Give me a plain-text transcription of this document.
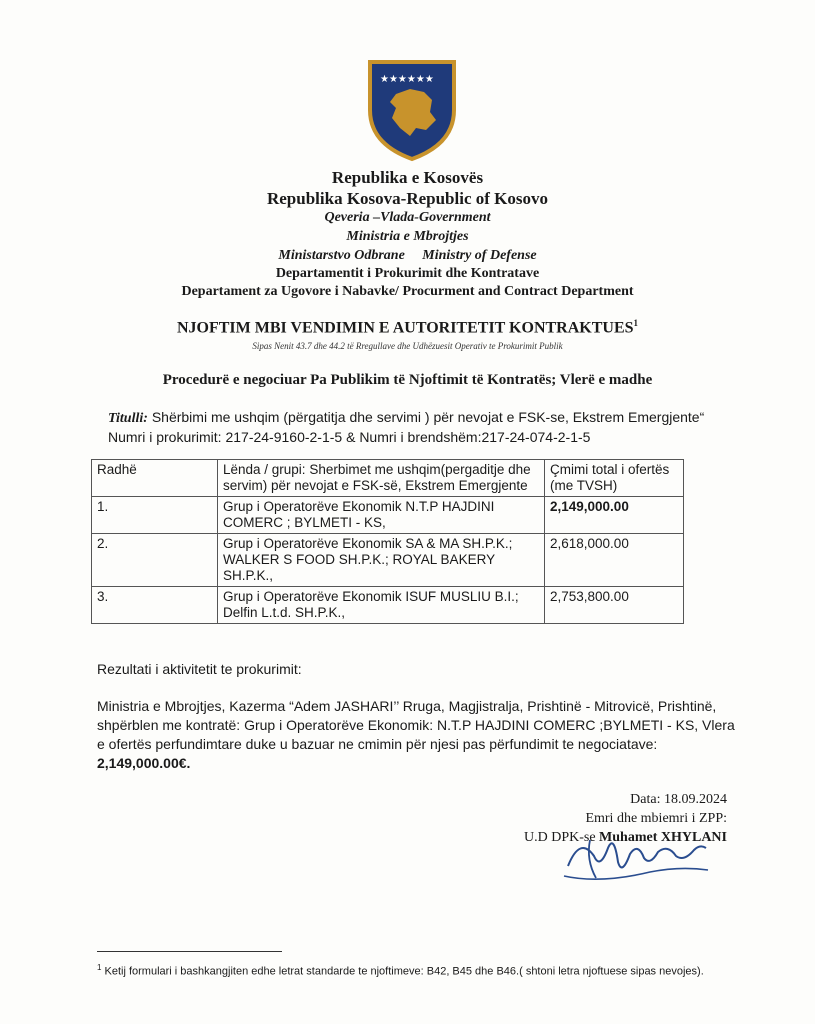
★★★★★★
Republika e Kosovës
Republika Kosova-Republic of Kosovo
Qeveria –Vlada-Government
Ministria e Mbrojtjes
Ministarstvo Odbrane Ministry of Defense
Departamentit i Prokurimit dhe Kontratave
Departament za Ugovore i Nabavke/ Procurment and Contract Department
NJOFTIM MBI VENDIMIN E AUTORITETIT KONTRAKTUES$^1$
Sipas Nenit 43.7 dhe 44.2 të Rregullave dhe Udhëzuesit Operativ te Prokurimit Publik
Procedurë e negociuar Pa Publikim të Njoftimit të Kontratës; Vlerë e madhe
Titulli: Shërbimi me ushqim (përgatitja dhe servimi ) për nevojat e FSK-se, Ekstrem Emergjente“ Numri i prokurimit: 217-24-9160-2-1-5 & Numri i brendshëm:217-24-074-2-1-5
Radhë	Lënda / grupi: Sherbimet me ushqim(pergaditje dhe servim) për nevojat e FSK-së, Ekstrem Emergjente	Çmimi total i ofertës (me TVSH)
1.	Grup i Operatorëve Ekonomik N.T.P HAJDINI COMERC ; BYLMETI - KS,	2,149,000.00
2.	Grup i Operatorëve Ekonomik SA & MA SH.P.K.; WALKER S FOOD SH.P.K.; ROYAL BAKERY SH.P.K.,	2,618,000.00
3.	Grup i Operatorëve Ekonomik ISUF MUSLIU B.I.; Delfin L.t.d. SH.P.K.,	2,753,800.00
Rezultati i aktivitetit te prokurimit:
Ministria e Mbrojtjes, Kazerma “Adem JASHARI’’ Rruga, Magjistralja, Prishtinë - Mitrovicë, Prishtinë, shpërblen me kontratë: Grup i Operatorëve Ekonomik: N.T.P HAJDINI COMERC ;BYLMETI - KS, Vlera e ofertës perfundimtare duke u bazuar ne cmimin për njesi pas përfundimit te negociatave: 2,149,000.00€.
Data: 18.09.2024
Emri dhe mbiemri i ZPP:
U.D DPK-se Muhamet XHYLANI
$^1$ Ketij formulari i bashkangjiten edhe letrat standarde te njoftimeve: B42, B45 dhe B46.( shtoni letra njoftuese sipas nevojes).
